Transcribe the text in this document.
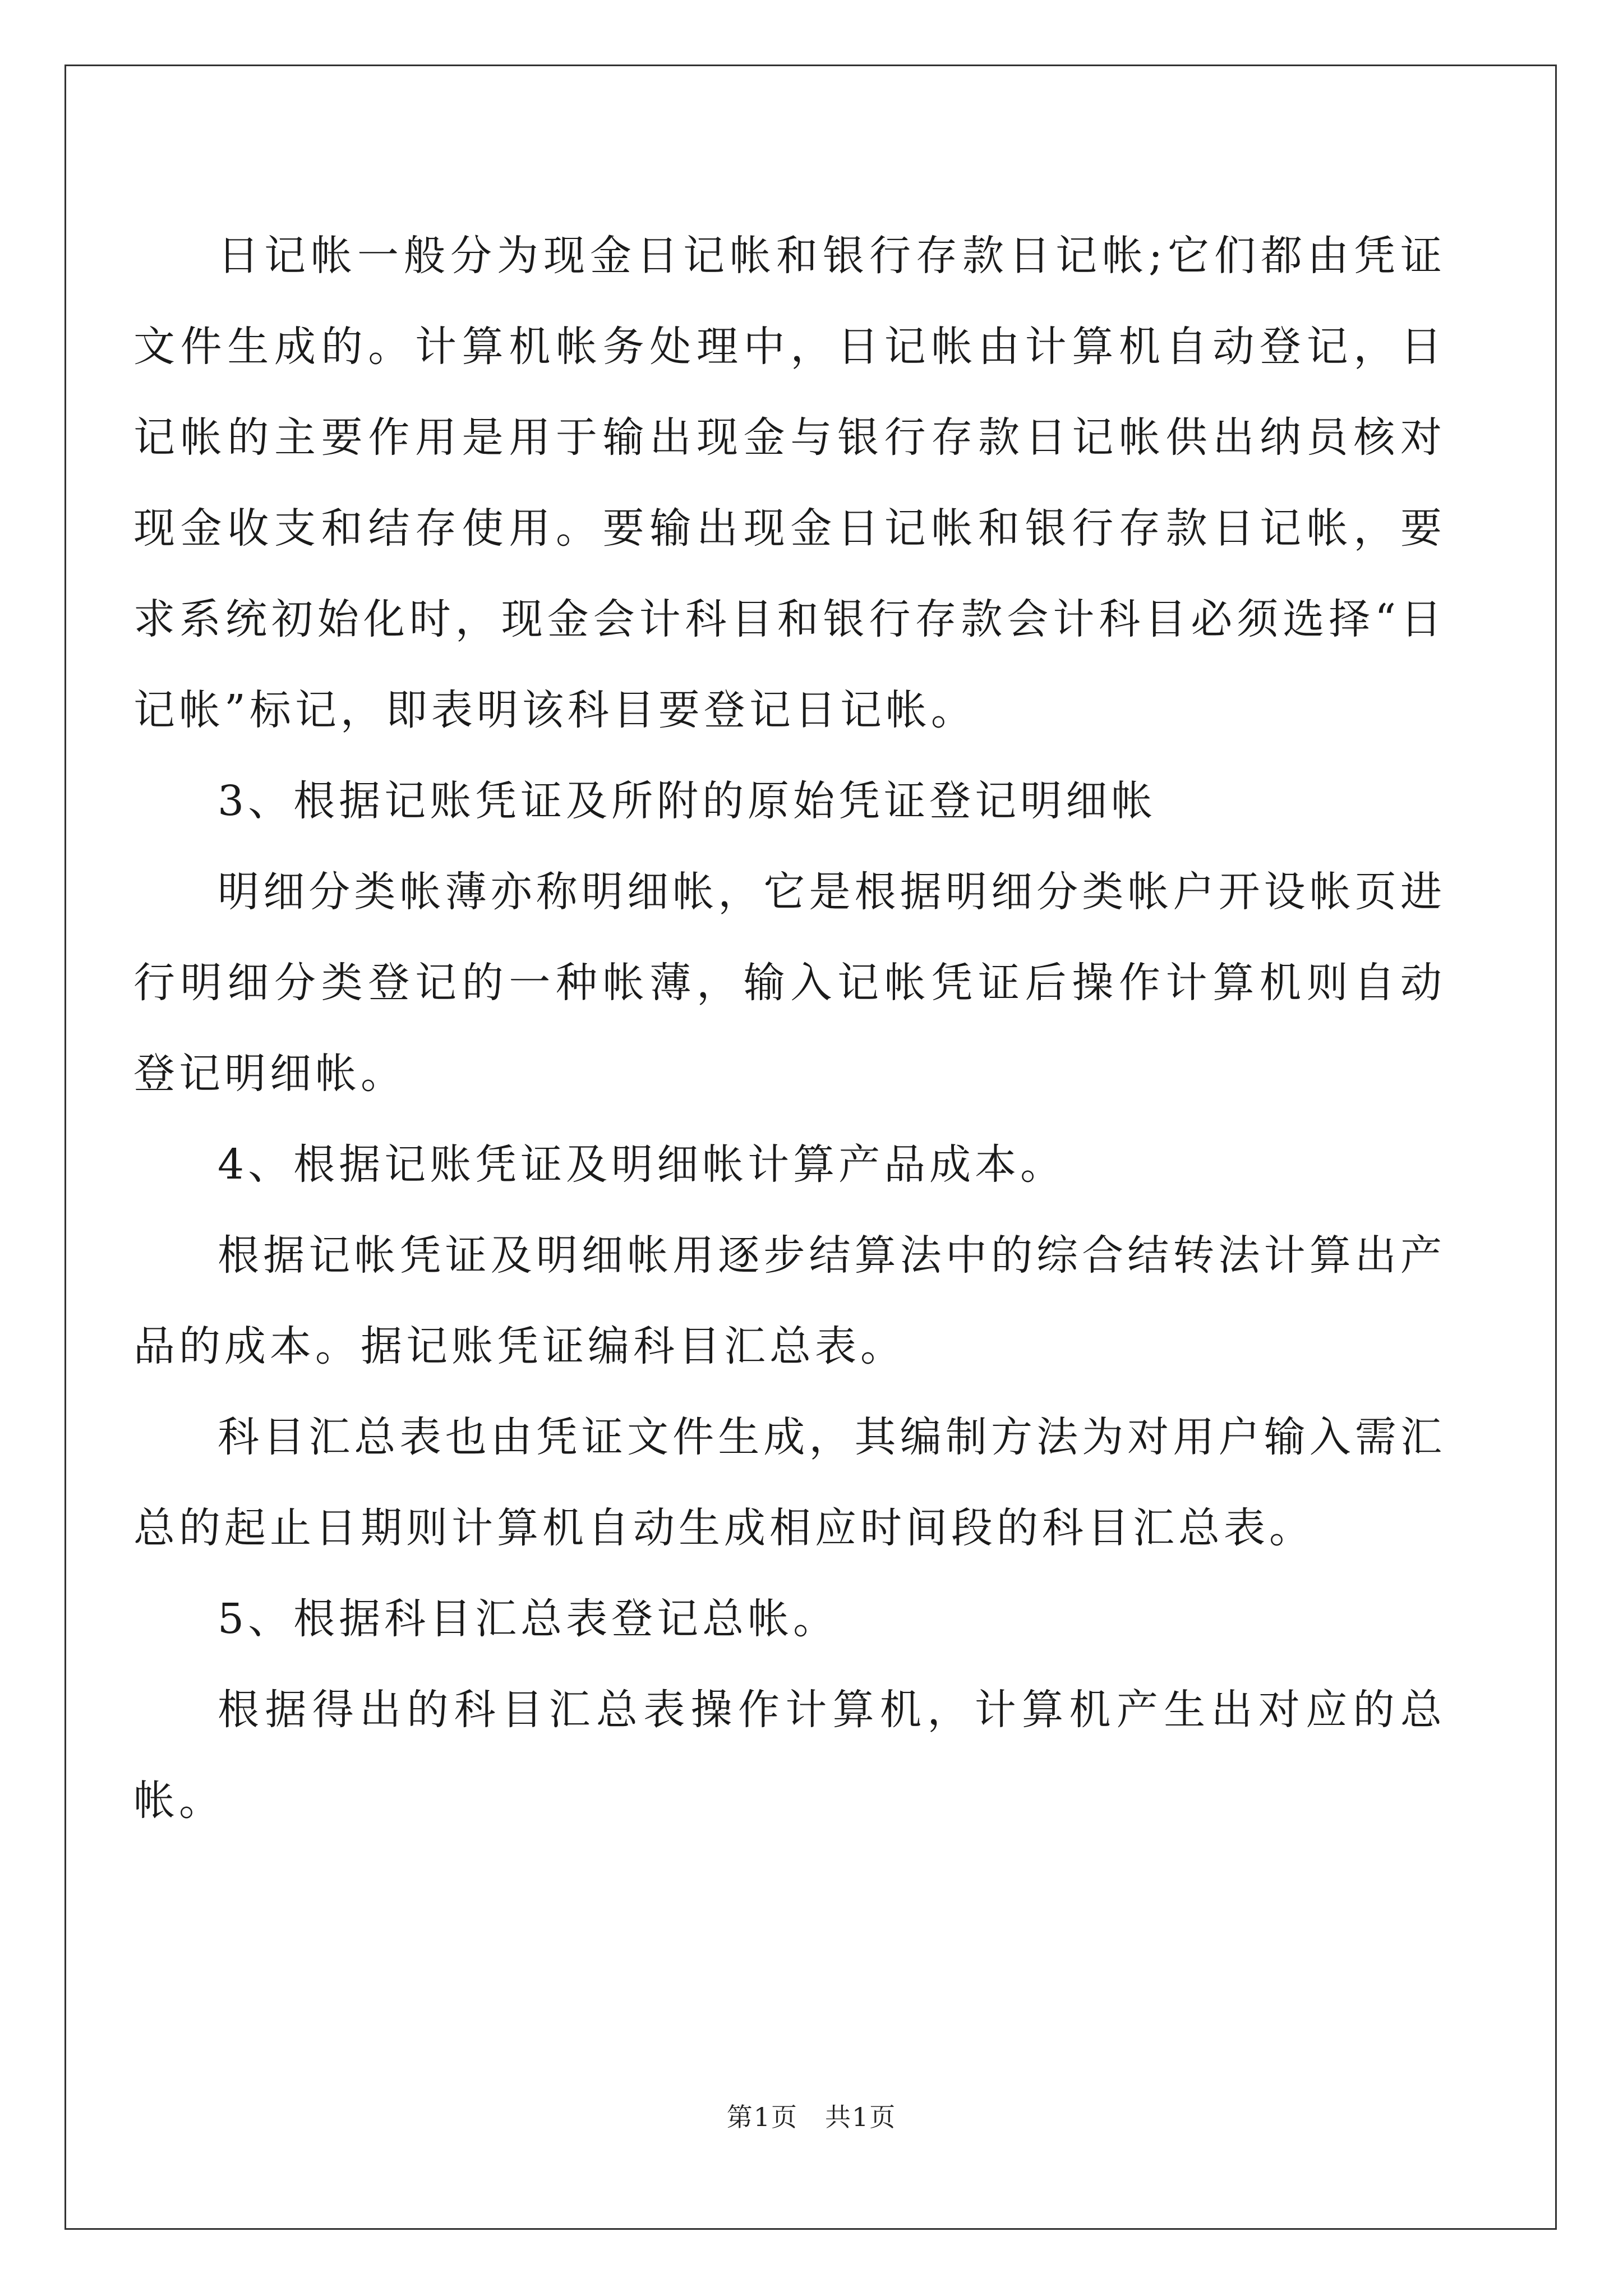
日记帐一般分为现金日记帐和银行存款日记帐;它们都由凭证文件生成的。计算机帐务处理中，日记帐由计算机自动登记，日记帐的主要作用是用于输出现金与银行存款日记帐供出纳员核对现金收支和结存使用。要输出现金日记帐和银行存款日记帐，要求系统初始化时，现金会计科目和银行存款会计科目必须选择“日记帐”标记，即表明该科目要登记日记帐。

3、根据记账凭证及所附的原始凭证登记明细帐

明细分类帐薄亦称明细帐，它是根据明细分类帐户开设帐页进行明细分类登记的一种帐薄，输入记帐凭证后操作计算机则自动登记明细帐。

4、根据记账凭证及明细帐计算产品成本。

根据记帐凭证及明细帐用逐步结算法中的综合结转法计算出产品的成本。据记账凭证编科目汇总表。

科目汇总表也由凭证文件生成，其编制方法为对用户输入需汇总的起止日期则计算机自动生成相应时间段的科目汇总表。

5、根据科目汇总表登记总帐。

根据得出的科目汇总表操作计算机，计算机产生出对应的总帐。

第1页　共1页
